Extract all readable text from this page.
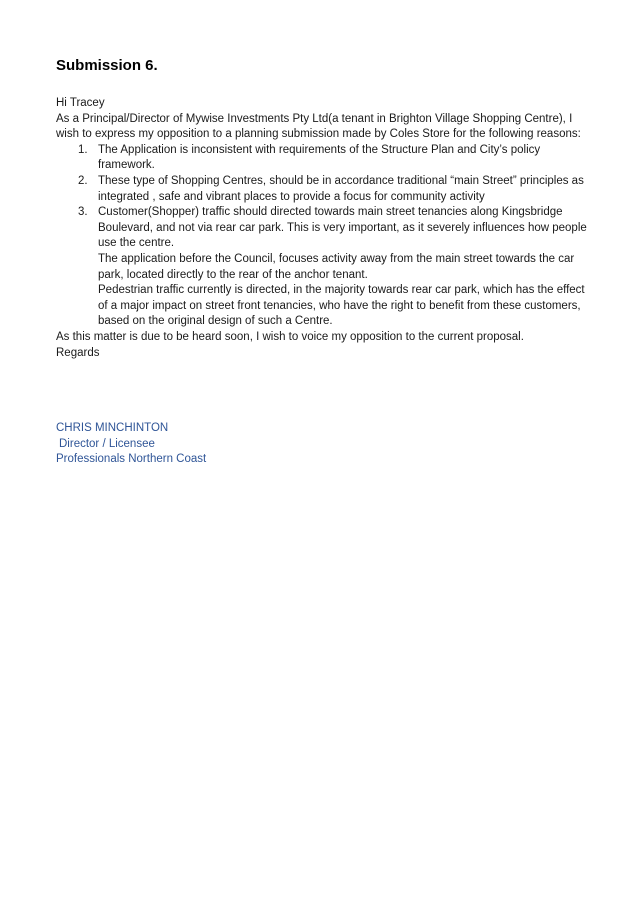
Submission 6.

Hi Tracey

As a Principal/Director of Mywise Investments Pty Ltd(a tenant in Brighton Village Shopping Centre), I wish to express my opposition to a planning submission made by Coles Store for the following reasons:

1. The Application is inconsistent with requirements of the Structure Plan and City’s policy framework.
2. These type of Shopping Centres, should be in accordance traditional “main Street” principles as integrated , safe and vibrant places to provide a focus for community activity
3. Customer(Shopper) traffic should directed towards main street tenancies along Kingsbridge Boulevard, and not via rear car park. This is very important, as it severely influences how people use the centre.

The application before the Council, focuses activity away from the main street towards the car park, located directly to the rear of the anchor tenant.

Pedestrian traffic currently is directed, in the majority towards rear car park, which has the effect of a major impact on street front tenancies, who have the right to benefit from these customers, based on the original design of such a Centre.

As this matter is due to be heard soon, I wish to voice my opposition to the current proposal.

Regards

CHRIS MINCHINTON
Director / Licensee
Professionals Northern Coast
